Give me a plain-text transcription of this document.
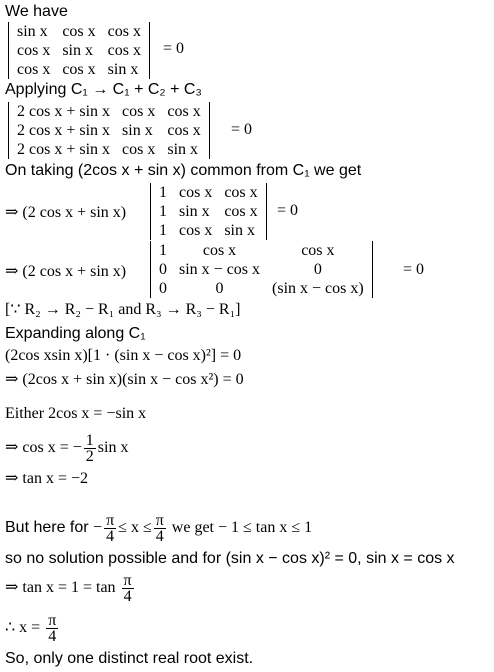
We have
sin x	cos x	cos x
cos x	sin x	cos x
cos x	cos x	sin x
= 0
Applying C₁ → C₁ + C₂ + C₃
2 cos x + sin x	cos x	cos x
2 cos x + sin x	sin x	cos x
2 cos x + sin x	cos x	sin x
= 0
On taking (2cos x + sin x) common from C₁ we get
⇒ (2 cos x + sin x)
1	cos x	cos x
1	sin x	cos x
1	cos x	sin x
= 0
⇒ (2 cos x + sin x)
1	cos x	cos x
0	sin x − cos x	0
0	0	(sin x − cos x)
= 0
[∵ R₂ → R₂ − R₁ and R₃ → R₃ − R₁]
Expanding along C₁
(2cos xsin x)[1 · (sin x − cos x)²] = 0
⇒ (2cos x + sin x)(sin x − cos x²) = 0
Either 2cos x = −sin x
⇒ cos x = − $\frac{1}{2}$ sin x
⇒ tan x = −2
But here for − $\frac{\pi}{4} \le x \le \frac{\pi}{4}$ we get − 1 ≤ tan x ≤ 1
so no solution possible and for (sin x − cos x)² = 0, sin x = cos x
⇒ $\tan x = 1 = \tan \frac{\pi}{4}$
∴ $x = \frac{\pi}{4}$
So, only one distinct real root exist.
